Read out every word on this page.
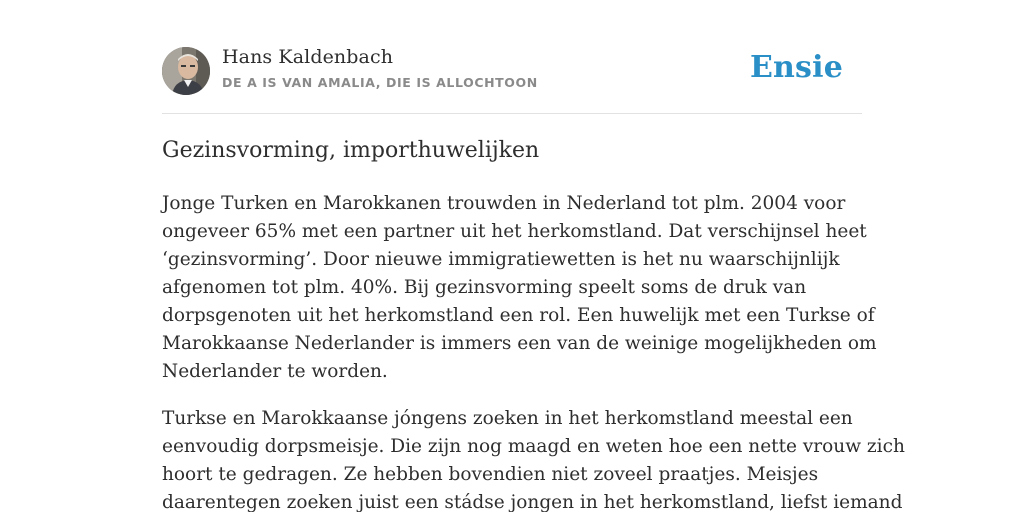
Hans Kaldenbach
DE A IS VAN AMALIA, DIE IS ALLOCHTOON	Ensie
Gezinsvorming, importhuwelijken

Jonge Turken en Marokkanen trouwden in Nederland tot plm. 2004 voor
ongeveer 65% met een partner uit het herkomstland. Dat verschijnsel heet
‘gezinsvorming’. Door nieuwe immigratiewetten is het nu waarschijnlijk
afgenomen tot plm. 40%. Bij gezinsvorming speelt soms de druk van
dorpsgenoten uit het herkomstland een rol. Een huwelijk met een Turkse of
Marokkaanse Nederlander is immers een van de weinige mogelijkheden om
Nederlander te worden.

Turkse en Marokkaanse jóngens zoeken in het herkomstland meestal een
eenvoudig dorpsmeisje. Die zijn nog maagd en weten hoe een nette vrouw zich
hoort te gedragen. Ze hebben bovendien niet zoveel praatjes. Meisjes
daarentegen zoeken juist een stádse jongen in het herkomstland, liefst iemand
